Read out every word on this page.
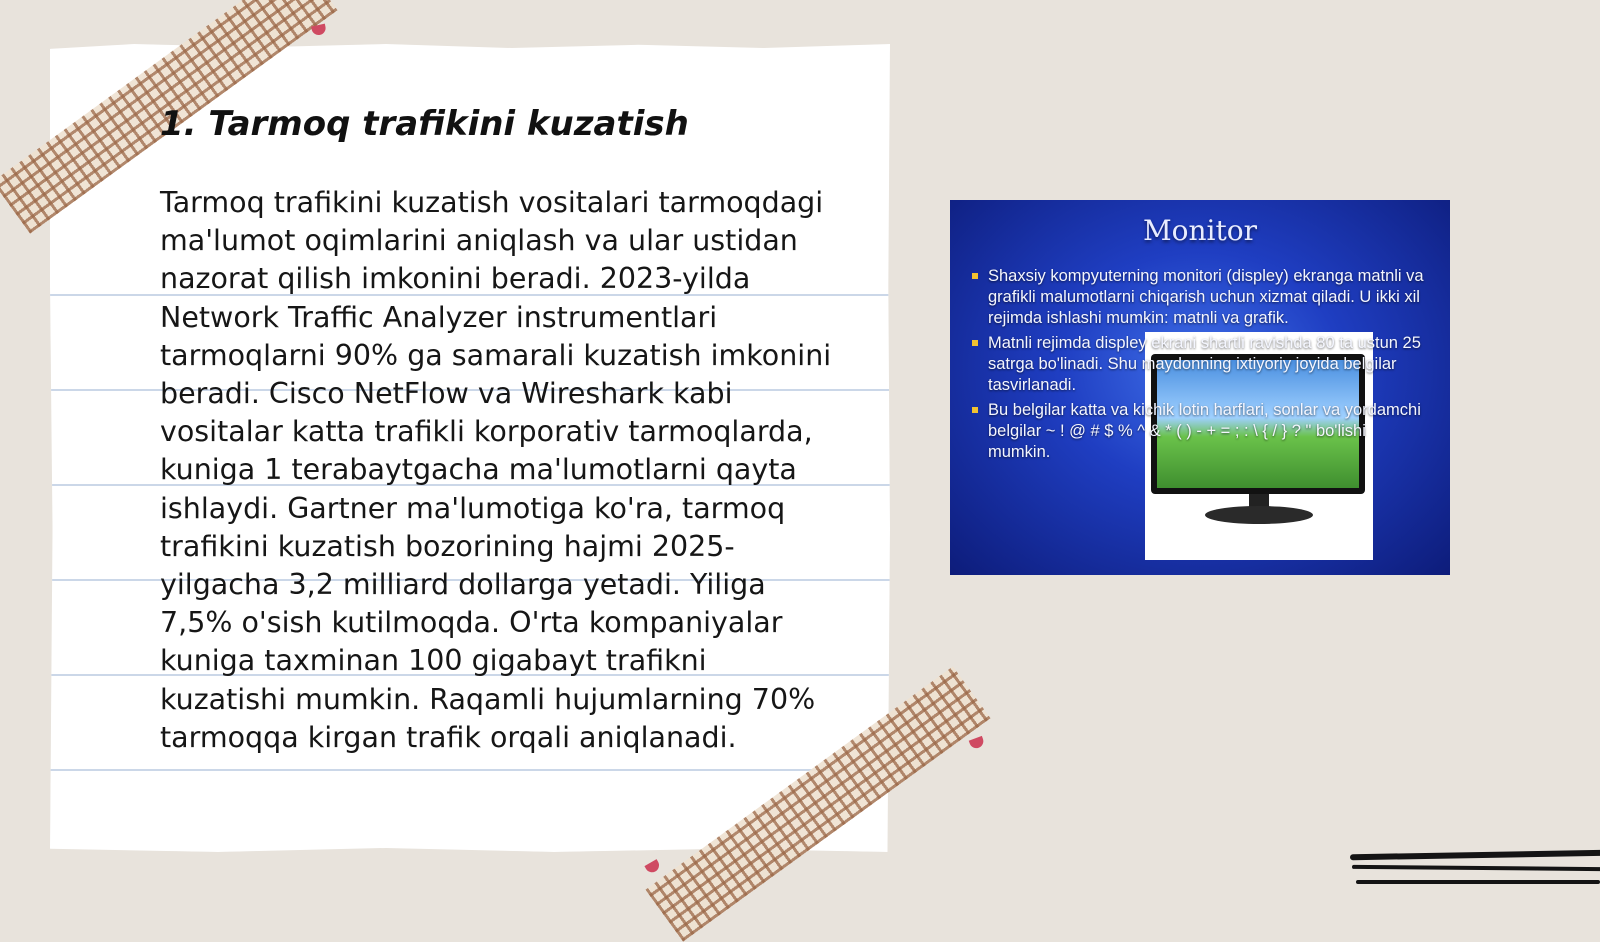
1. Tarmoq trafikini kuzatish

Tarmoq trafikini kuzatish vositalari tarmoqdagi ma'lumot oqimlarini aniqlash va ular ustidan nazorat qilish imkonini beradi. 2023-yilda Network Traffic Analyzer instrumentlari tarmoqlarni 90% ga samarali kuzatish imkonini beradi. Cisco NetFlow va Wireshark kabi vositalar katta trafikli korporativ tarmoqlarda, kuniga 1 terabaytgacha ma'lumotlarni qayta ishlaydi. Gartner ma'lumotiga ko'ra, tarmoq trafikini kuzatish bozorining hajmi 2025-yilgacha 3,2 milliard dollarga yetadi. Yiliga 7,5% o'sish kutilmoqda. O'rta kompaniyalar kuniga taxminan 100 gigabayt trafikni kuzatishi mumkin. Raqamli hujumlarning 70% tarmoqqa kirgan trafik orqali aniqlanadi.

Monitor
Shaxsiy kompyuterning monitori (displey) ekranga matnli va grafikli malumotlarni chiqarish uchun xizmat qiladi. U ikki xil rejimda ishlashi mumkin: matnli va grafik.
Matnli rejimda displey ekrani shartli ravishda 80 ta ustun 25 satrga bo'linadi. Shu maydonning ixtiyoriy joyida belgilar tasvirlanadi.
Bu belgilar katta va kichik lotin harflari, sonlar va yordamchi belgilar ~ ! @ # $ % ^ & * ( ) - + = ; : \ { / } ? " bo'lishi mumkin.
